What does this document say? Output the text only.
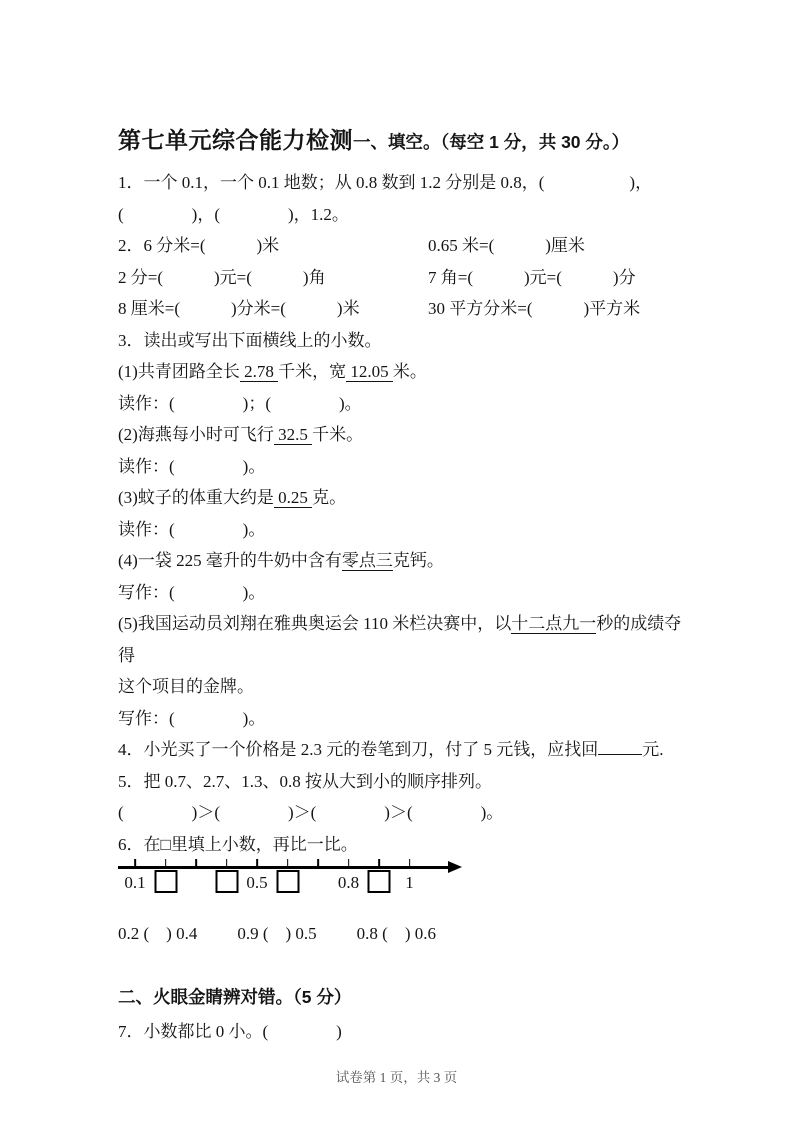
第七单元综合能力检测一、填空。（每空 1 分，共 30 分。）
1．一个 0.1，一个 0.1 地数；从 0.8 数到 1.2 分别是 0.8，(　　　　　)，
(　　　　)，(　　　　)，1.2。
2．6 分米=(　　　)米	0.65 米=(　　　)厘米
2 分=(　　　)元=(　　　)角	7 角=(　　　)元=(　　　)分
8 厘米=(　　　)分米=(　　　)米	30 平方分米=(　　　)平方米
3．读出或写出下面横线上的小数。
(1)共青团路全长 2.78 千米，宽 12.05 米。
读作：(　　　　)；(　　　　)。
(2)海燕每小时可飞行 32.5 千米。
读作：(　　　　)。
(3)蚊子的体重大约是 0.25 克。
读作：(　　　　)。
(4)一袋 225 毫升的牛奶中含有零点三克钙。
写作：(　　　　)。
(5)我国运动员刘翔在雅典奥运会 110 米栏决赛中，以十二点九一秒的成绩夺得
这个项目的金牌。
写作：(　　　　)。
4．小光买了一个价格是 2.3 元的卷笔到刀，付了 5 元钱，应找回	元.
5．把 0.7、2.7、1.3、0.8 按从大到小的顺序排列。
(　　　　)＞(　　　　)＞(　　　　)＞(　　　　)。
6．在□里填上小数，再比一比。
0.1	0.5	0.8	1
0.2 (　) 0.4 0.9 (　) 0.5 0.8 (　) 0.6
二、火眼金睛辨对错。（5 分）
7．小数都比 0 小。(　　　　)
试卷第 1 页，共 3 页
